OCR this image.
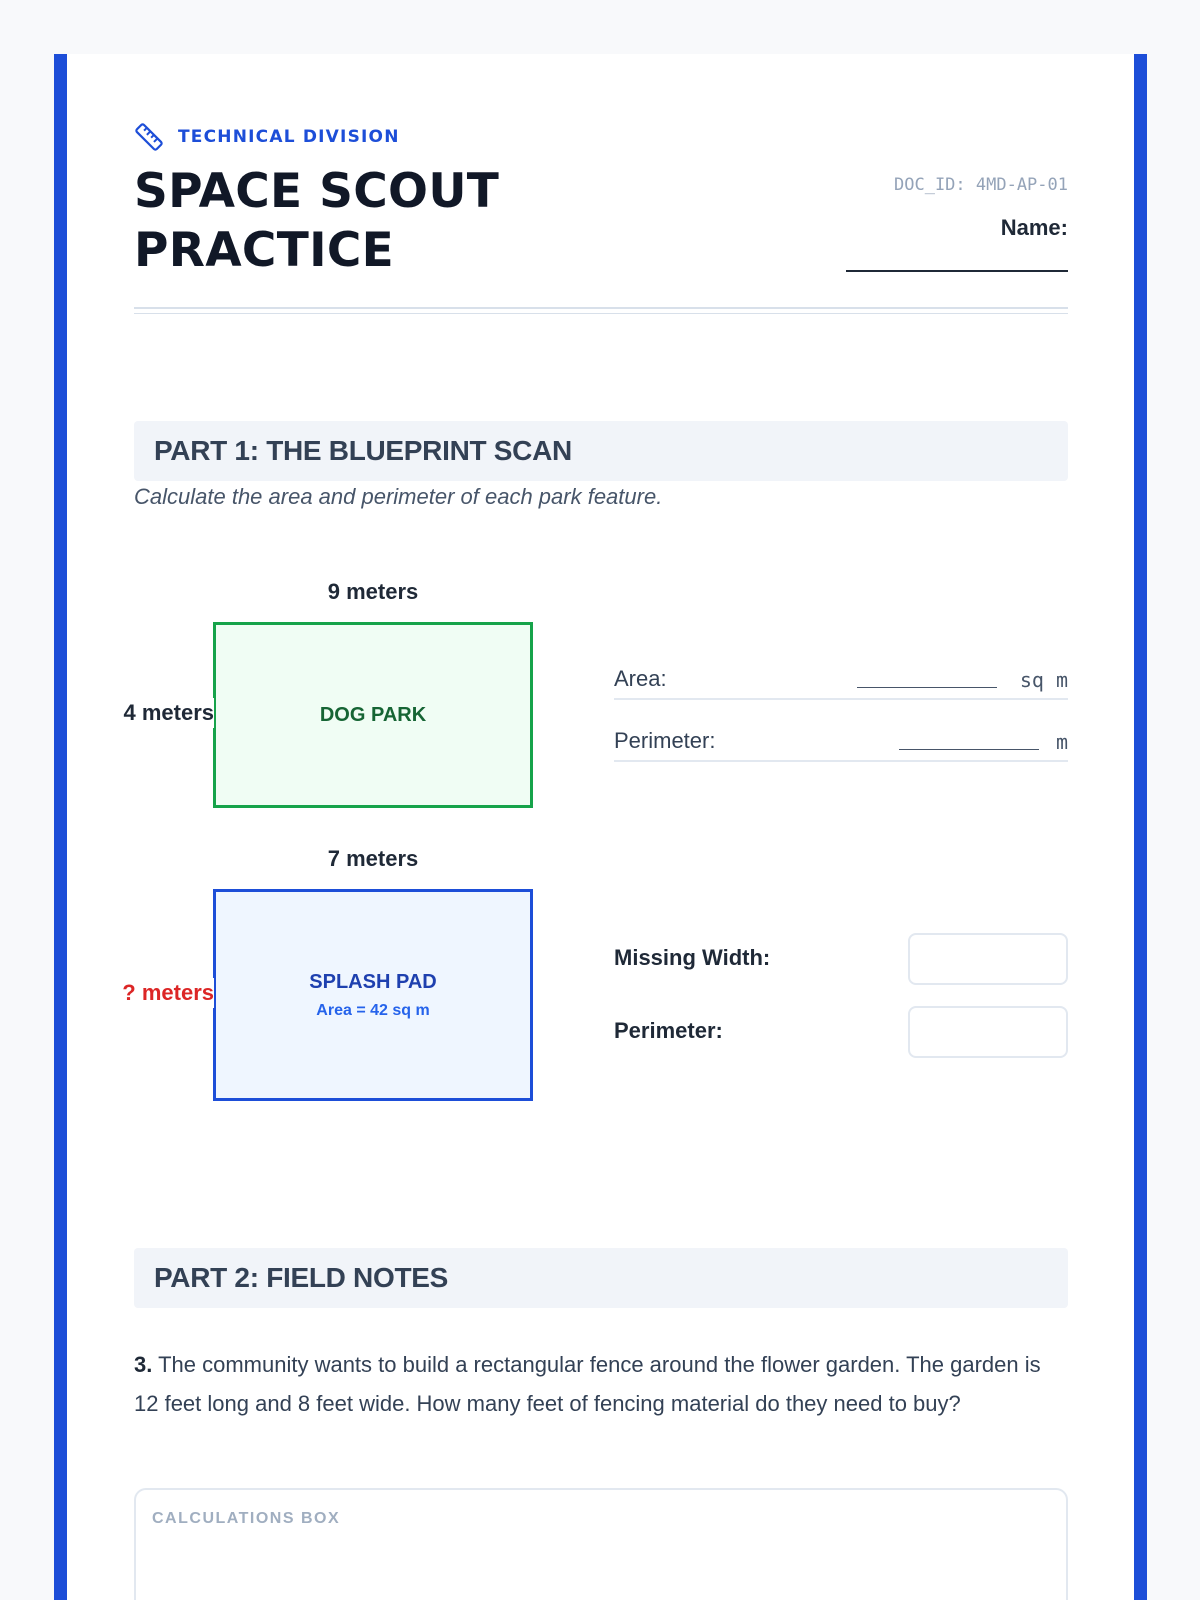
TECHNICAL DIVISION
SPACE SCOUT PRACTICE
DOC_ID: 4MD-AP-01
Name:
PART 1: THE BLUEPRINT SCAN
Calculate the area and perimeter of each park feature.
9 meters
DOG PARK
4 meters
Area:	sq m
Perimeter:	m
7 meters
SPLASH PAD
Area = 42 sq m
? meters
Missing Width:
Perimeter:
PART 2: FIELD NOTES

3. The community wants to build a rectangular fence around the flower garden. The garden is 12 feet long and 8 feet wide. How many feet of fencing material do they need to buy?

CALCULATIONS BOX
